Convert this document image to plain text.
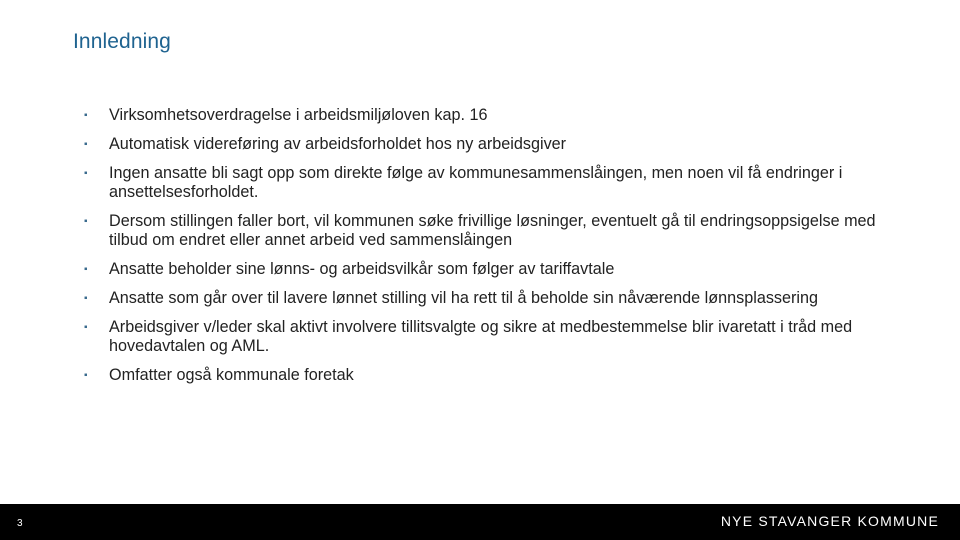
Innledning
▪	Virksomhetsoverdragelse i arbeidsmiljøloven kap. 16
▪	Automatisk videreføring av arbeidsforholdet hos ny arbeidsgiver
▪	Ingen ansatte bli sagt opp som direkte følge av kommunesammenslåingen, men noen vil få endringer i ansettelsesforholdet.
▪	Dersom stillingen faller bort, vil kommunen søke frivillige løsninger, eventuelt gå til endringsoppsigelse med tilbud om endret eller annet arbeid ved sammenslåingen
▪	Ansatte beholder sine lønns- og arbeidsvilkår som følger av tariffavtale
▪	Ansatte som går over til lavere lønnet stilling vil ha rett til å beholde sin nåværende lønnsplassering
▪	Arbeidsgiver v/leder skal aktivt involvere tillitsvalgte og sikre at medbestemmelse blir ivaretatt i tråd med hovedavtalen og AML.
▪	Omfatter også kommunale foretak
3	NYE STAVANGER KOMMUNE
